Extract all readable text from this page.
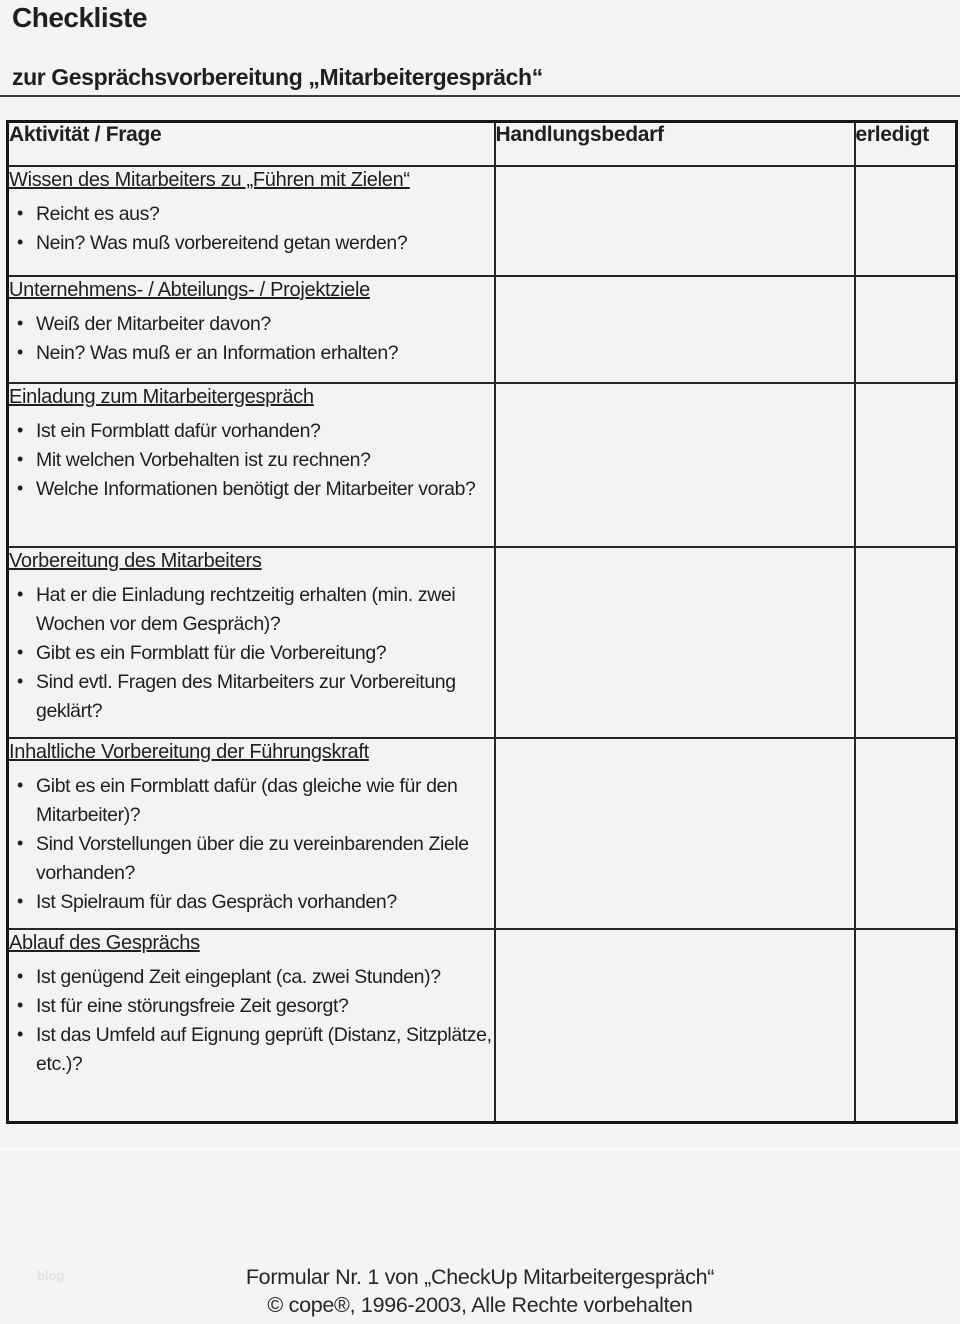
Checkliste
zur Gesprächsvorbereitung „Mitarbeitergespräch“
Aktivität / Frage	Handlungsbedarf	erledigt
Wissen des Mitarbeiters zu „Führen mit Zielen“
• Reicht es aus?
• Nein? Was muß vorbereitend getan werden?

Unternehmens- / Abteilungs- / Projektziele
• Weiß der Mitarbeiter davon?
• Nein? Was muß er an Information erhalten?

Einladung zum Mitarbeitergespräch
• Ist ein Formblatt dafür vorhanden?
• Mit welchen Vorbehalten ist zu rechnen?
• Welche Informationen benötigt der Mitarbeiter vorab?

Vorbereitung des Mitarbeiters
• Hat er die Einladung rechtzeitig erhalten (min. zwei Wochen vor dem Gespräch)?
• Gibt es ein Formblatt für die Vorbereitung?
• Sind evtl. Fragen des Mitarbeiters zur Vorbereitung geklärt?

Inhaltliche Vorbereitung der Führungskraft
• Gibt es ein Formblatt dafür (das gleiche wie für den Mitarbeiter)?
• Sind Vorstellungen über die zu vereinbarenden Ziele vorhanden?
• Ist Spielraum für das Gespräch vorhanden?

Ablauf des Gesprächs
• Ist genügend Zeit eingeplant (ca. zwei Stunden)?
• Ist für eine störungsfreie Zeit gesorgt?
• Ist das Umfeld auf Eignung geprüft (Distanz, Sitzplätze, etc.)?

blog	Formular Nr. 1 von „CheckUp Mitarbeitergespräch“
© cope®, 1996-2003, Alle Rechte vorbehalten
